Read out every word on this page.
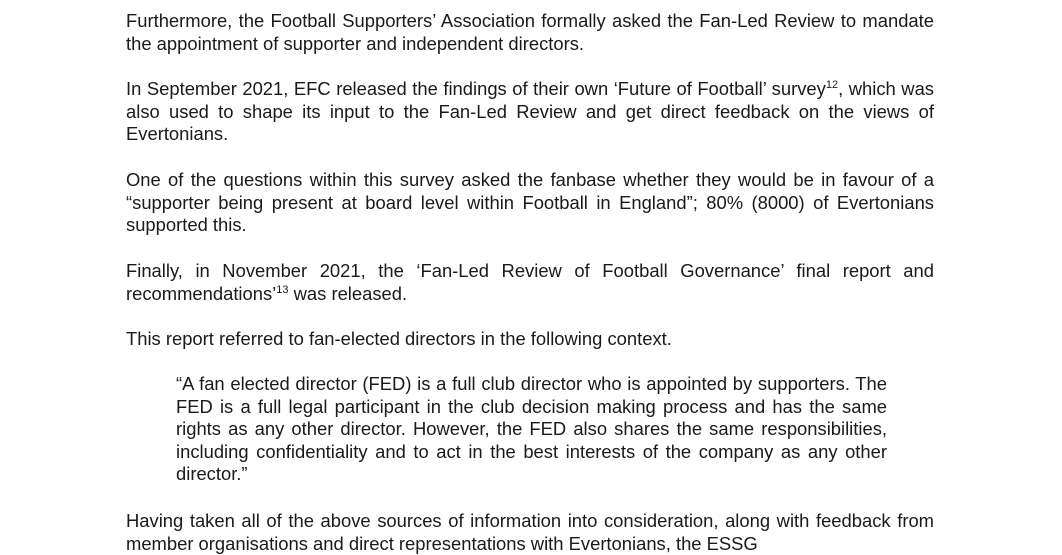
Furthermore, the Football Supporters’ Association formally asked the Fan-Led Review to mandate the appointment of supporter and independent directors.

In September 2021, EFC released the findings of their own ‘Future of Football’ survey$^{12}$, which was also used to shape its input to the Fan-Led Review and get direct feedback on the views of Evertonians.

One of the questions within this survey asked the fanbase whether they would be in favour of a “supporter being present at board level within Football in England”; 80% (8000) of Evertonians supported this.

Finally, in November 2021, the ‘Fan-Led Review of Football Governance’ final report and recommendations’$^{13}$ was released.

This report referred to fan-elected directors in the following context.

“A fan elected director (FED) is a full club director who is appointed by supporters. The FED is a full legal participant in the club decision making process and has the same rights as any other director. However, the FED also shares the same responsibilities, including confidentiality and to act in the best interests of the company as any other director.”

Having taken all of the above sources of information into consideration, along with feedback from member organisations and direct representations with Evertonians, the ESSG
